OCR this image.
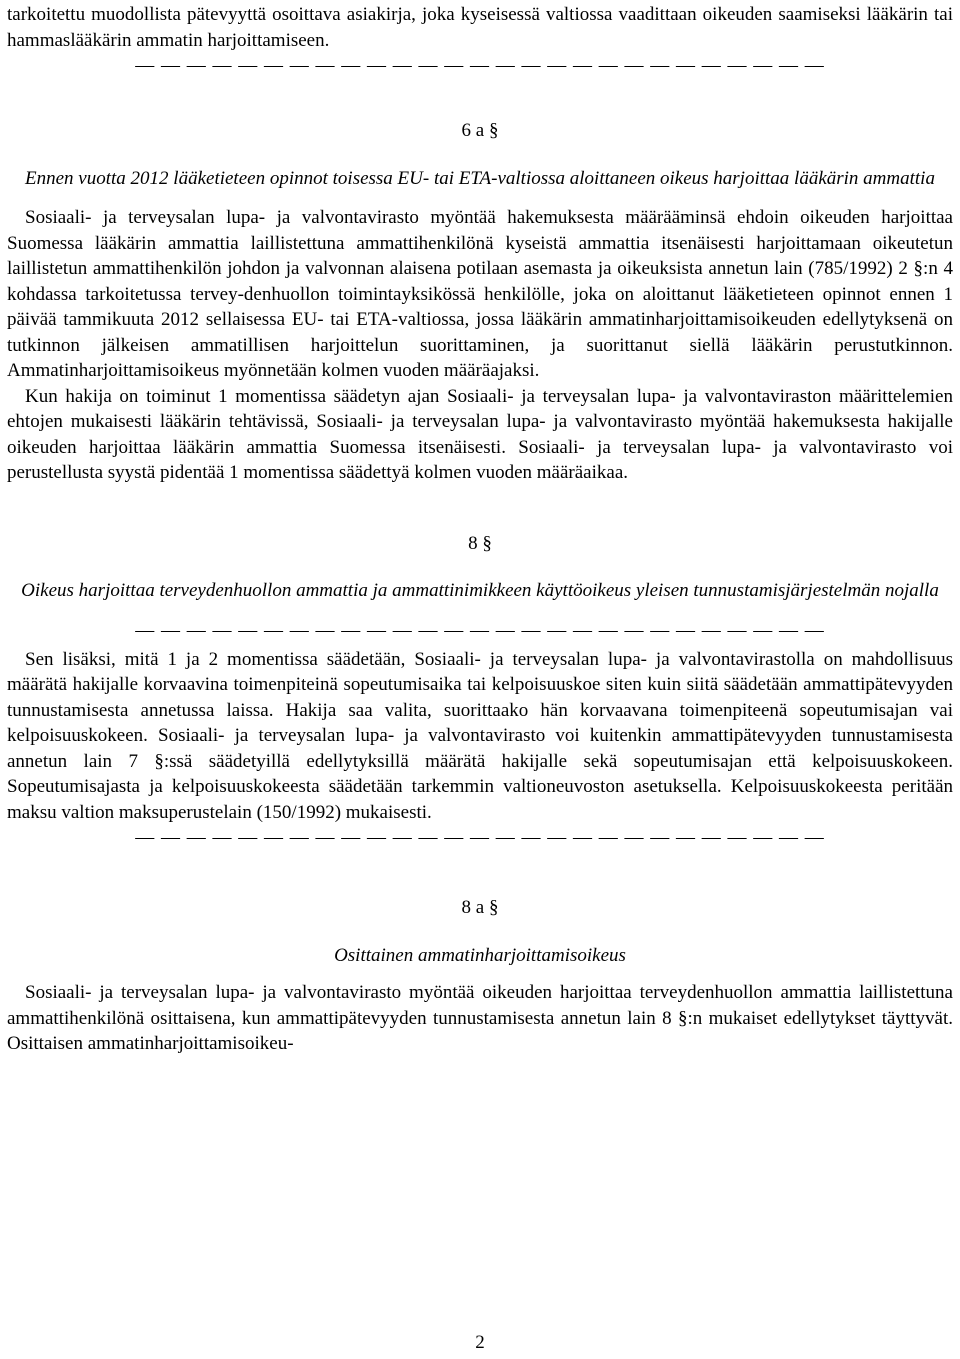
tarkoitettu muodollista pätevyyttä osoittava asiakirja, joka kyseisessä valtiossa vaadittaan oikeuden saamiseksi lääkärin tai hammaslääkärin ammatin harjoittamiseen.

— — — — — — — — — — — — — — — — — — — — — — — — — — —
6 a §

Ennen vuotta 2012 lääketieteen opinnot toisessa EU- tai ETA-valtiossa aloittaneen oikeus harjoittaa lääkärin ammattia

Sosiaali- ja terveysalan lupa- ja valvontavirasto myöntää hakemuksesta määrääminsä ehdoin oikeuden harjoittaa Suomessa lääkärin ammattia laillistettuna ammattihenkilönä kyseistä ammattia itsenäisesti harjoittamaan oikeutetun laillistetun ammattihenkilön johdon ja valvonnan alaisena potilaan asemasta ja oikeuksista annetun lain (785/1992) 2 §:n 4 kohdassa tarkoitetussa tervey-denhuollon toimintayksikössä henkilölle, joka on aloittanut lääketieteen opinnot ennen 1 päivää tammikuuta 2012 sellaisessa EU- tai ETA-valtiossa, jossa lääkärin ammatinharjoittamisoikeuden edellytyksenä on tutkinnon jälkeisen ammatillisen harjoittelun suorittaminen, ja suorittanut siellä lääkärin perustutkinnon. Ammatinharjoittamisoikeus myönnetään kolmen vuoden määräajaksi.

Kun hakija on toiminut 1 momentissa säädetyn ajan Sosiaali- ja terveysalan lupa- ja valvontaviraston määrittelemien ehtojen mukaisesti lääkärin tehtävissä, Sosiaali- ja terveysalan lupa- ja valvontavirasto myöntää hakemuksesta hakijalle oikeuden harjoittaa lääkärin ammattia Suomessa itsenäisesti. Sosiaali- ja terveysalan lupa- ja valvontavirasto voi perustellusta syystä pidentää 1 momentissa säädettyä kolmen vuoden määräaikaa.

8 §

Oikeus harjoittaa terveydenhuollon ammattia ja ammattinimikkeen käyttöoikeus yleisen tunnustamisjärjestelmän nojalla

— — — — — — — — — — — — — — — — — — — — — — — — — — —

Sen lisäksi, mitä 1 ja 2 momentissa säädetään, Sosiaali- ja terveysalan lupa- ja valvontavirastolla on mahdollisuus määrätä hakijalle korvaavina toimenpiteinä sopeutumisaika tai kelpoisuuskoe siten kuin siitä säädetään ammattipätevyyden tunnustamisesta annetussa laissa. Hakija saa valita, suorittaako hän korvaavana toimenpiteenä sopeutumisajan vai kelpoisuuskokeen. Sosiaali- ja terveysalan lupa- ja valvontavirasto voi kuitenkin ammattipätevyyden tunnustamisesta annetun lain 7 §:ssä säädetyillä edellytyksillä määrätä hakijalle sekä sopeutumisajan että kelpoisuuskokeen. Sopeutumisajasta ja kelpoisuuskokeesta säädetään tarkemmin valtioneuvoston asetuksella. Kelpoisuuskokeesta peritään maksu valtion maksuperustelain (150/1992) mukaisesti.

— — — — — — — — — — — — — — — — — — — — — — — — — — —
8 a §

Osittainen ammatinharjoittamisoikeus

Sosiaali- ja terveysalan lupa- ja valvontavirasto myöntää oikeuden harjoittaa terveydenhuollon ammattia laillistettuna ammattihenkilönä osittaisena, kun ammattipätevyyden tunnustamisesta annetun lain 8 §:n mukaiset edellytykset täyttyvät. Osittaisen ammatinharjoittamisoikeu-

2
